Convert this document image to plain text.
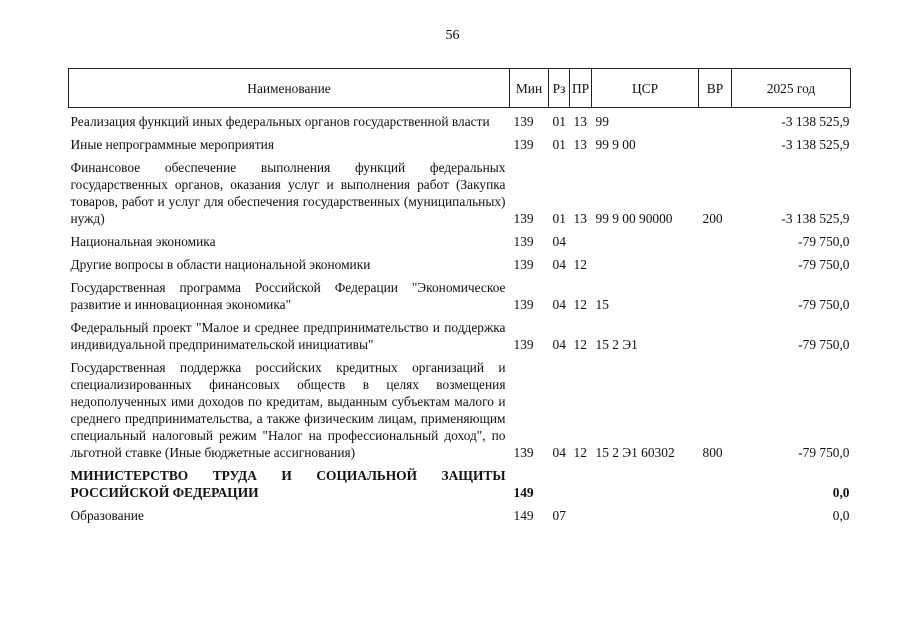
56
Наименование	Мин	Рз	ПР	ЦСР	ВР	2025 год
Реализация функций иных федеральных органов государственной власти	139	01	13	99		-3 138 525,9
Иные непрограммные мероприятия	139	01	13	99 9 00		-3 138 525,9
Финансовое обеспечение выполнения функций федеральных государственных органов, оказания услуг и выполнения работ (Закупка товаров, работ и услуг для обеспечения государственных (муниципальных) нужд)	139	01	13	99 9 00 90000	200	-3 138 525,9
Национальная экономика	139	04				-79 750,0
Другие вопросы в области национальной экономики	139	04	12			-79 750,0
Государственная программа Российской Федерации "Экономическое развитие и инновационная экономика"	139	04	12	15		-79 750,0
Федеральный проект "Малое и среднее предпринимательство и поддержка индивидуальной предпринимательской инициативы"	139	04	12	15 2 Э1		-79 750,0
Государственная поддержка российских кредитных организаций и специализированных финансовых обществ в целях возмещения недополученных ими доходов по кредитам, выданным субъектам малого и среднего предпринимательства, а также физическим лицам, применяющим специальный налоговый режим "Налог на профессиональный доход", по льготной ставке (Иные бюджетные ассигнования)	139	04	12	15 2 Э1 60302	800	-79 750,0
МИНИСТЕРСТВО ТРУДА И СОЦИАЛЬНОЙ ЗАЩИТЫ РОССИЙСКОЙ ФЕДЕРАЦИИ	149					0,0
Образование	149	07				0,0
